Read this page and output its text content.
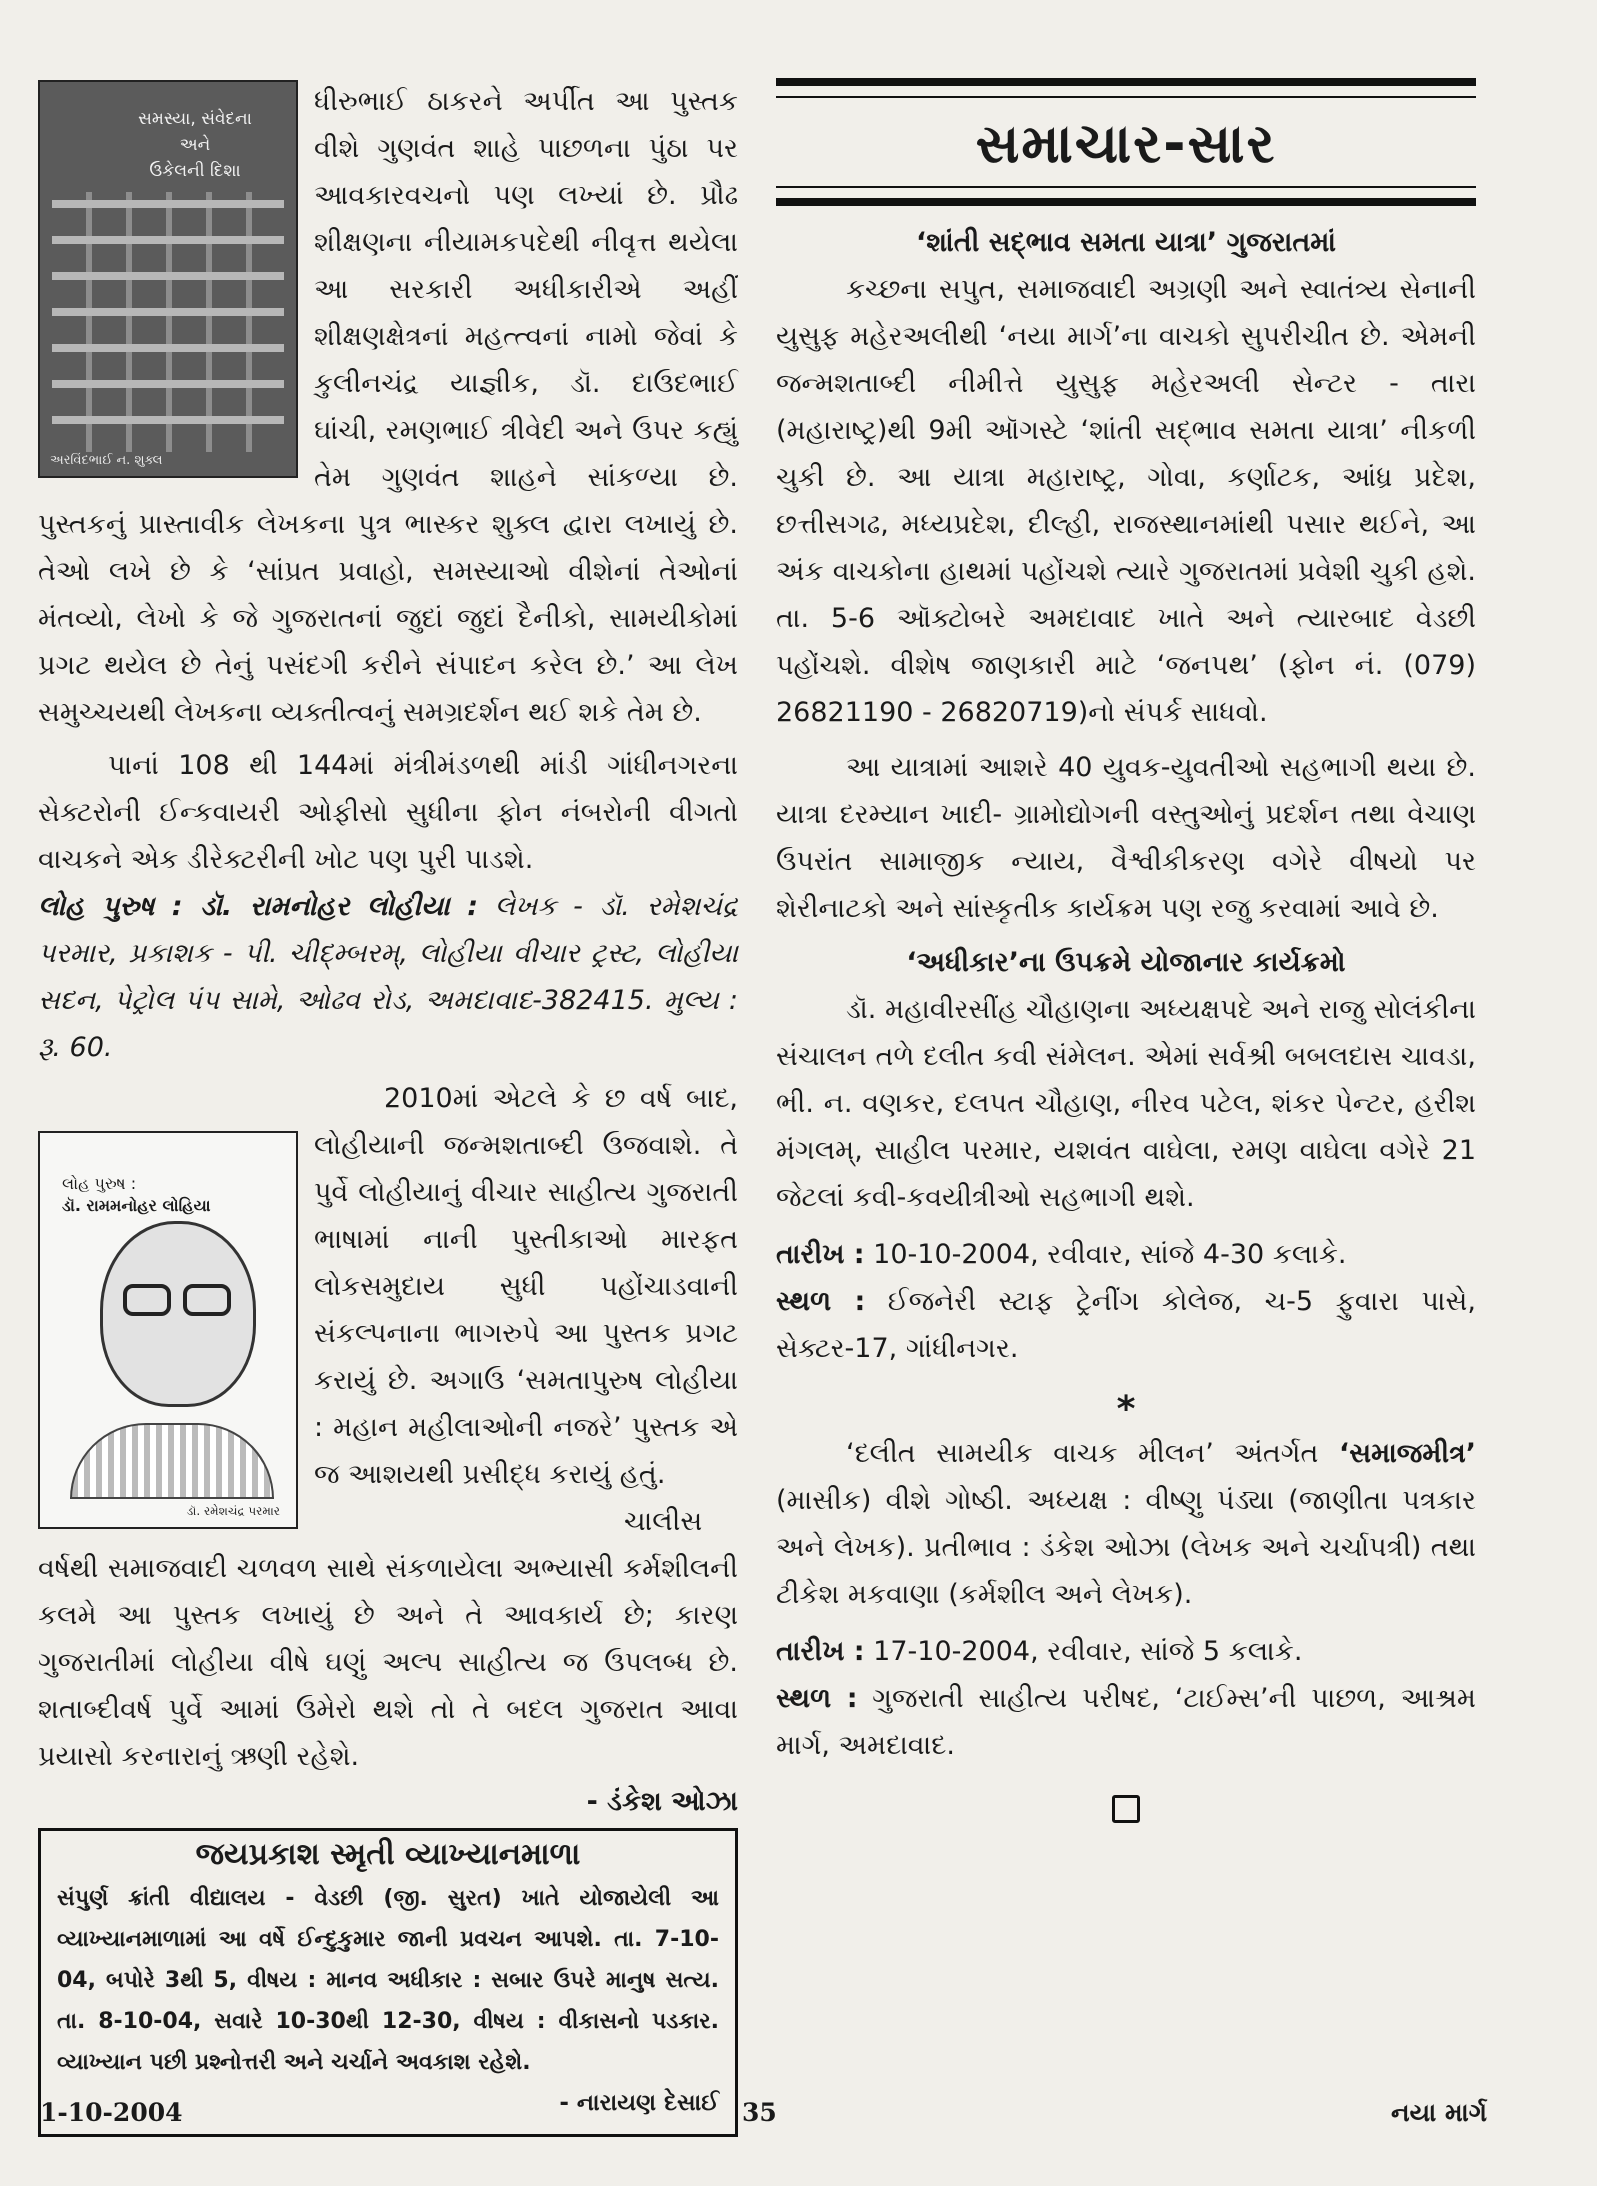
સમસ્યા, સંવેદના
અને
ઉકેલની દિશા
અરવિંદભાઈ ન. શુક્લ

ધીરુભાઈ ઠાકરને અર્પીત આ પુસ્તક વીશે ગુણવંત શાહે પાછળના પુંઠા પર આવકારવચનો પણ લખ્યાં છે. પ્રૌઢ શીક્ષણના નીયામકપદેથી નીવૃત્ત થયેલા આ સરકારી અધીકારીએ અહીં શીક્ષણક્ષેત્રનાં મહત્ત્વનાં નામો જેવાં કે કુલીનચંદ્ર યાજ્ઞીક, ડૉ. દાઉદભાઈ ઘાંચી, રમણભાઈ ત્રીવેદી અને ઉપર કહ્યું તેમ ગુણવંત શાહને સાંકળ્યા છે. પુસ્તકનું પ્રાસ્તાવીક લેખકના પુત્ર ભાસ્કર શુક્લ દ્વારા લખાયું છે. તેઓ લખે છે કે ‘સાંપ્રત પ્રવાહો, સમસ્યાઓ વીશેનાં તેઓનાં મંતવ્યો, લેખો કે જે ગુજરાતનાં જુદાં જુદાં દૈનીકો, સામયીકોમાં પ્રગટ થયેલ છે તેનું પસંદગી કરીને સંપાદન કરેલ છે.’ આ લેખ સમુચ્ચયથી લેખકના વ્યક્તીત્વનું સમગ્રદર્શન થઈ શકે તેમ છે.

પાનાં 108 થી 144માં મંત્રીમંડળથી માંડી ગાંધીનગરના સેક્ટરોની ઈન્કવાયરી ઓફીસો સુધીના ફોન નંબરોની વીગતો વાચકને એક ડીરેક્ટરીની ખોટ પણ પુરી પાડશે.

લોહ પુરુષ : ડૉ. રામનોહર લોહીયા : લેખક - ડૉ. રમેશચંદ્ર પરમાર, પ્રકાશક - પી. ચીદ્મ્બરમ્, લોહીયા વીચાર ટ્રસ્ટ, લોહીયા સદન, પેટ્રોલ પંપ સામે, ઓઢવ રોડ, અમદાવાદ-382415. મુલ્ય : રૂ. 60.

લોહ પુરુષ :
ડૉ. રામમનોહર લોહિયા
ડૉ. રમેશચંદ્ર પરમાર

2010માં એટલે કે છ વર્ષ બાદ, લોહીયાની જન્મશતાબ્દી ઉજવાશે. તે પુર્વે લોહીયાનું વીચાર સાહીત્ય ગુજરાતી ભાષામાં નાની પુસ્તીકાઓ મારફત લોકસમુદાય સુધી પહોંચાડવાની સંકલ્પનાના ભાગરુપે આ પુસ્તક પ્રગટ કરાયું છે. અગાઉ ‘સમતાપુરુષ લોહીયા : મહાન મહીલાઓની નજરે’ પુસ્તક એ જ આશયથી પ્રસીદ્ધ કરાયું હતું.

ચાલીસ વર્ષથી સમાજવાદી ચળવળ સાથે સંકળાયેલા અભ્યાસી કર્મશીલની કલમે આ પુસ્તક લખાયું છે અને તે આવકાર્ય છે; કારણ ગુજરાતીમાં લોહીયા વીષે ઘણું અલ્પ સાહીત્ય જ ઉપલબ્ધ છે. શતાબ્દીવર્ષ પુર્વે આમાં ઉમેરો થશે તો તે બદલ ગુજરાત આવા પ્રયાસો કરનારાનું ઋણી રહેશે.

- ડંકેશ ઓઝા

જયપ્રકાશ સ્મૃતી વ્યાખ્યાનમાળા

સંપુર્ણ ક્રાંતી વીદ્યાલય - વેડછી (જી. સુરત) ખાતે યોજાયેલી આ વ્યાખ્યાનમાળામાં આ વર્ષે ઈન્દુકુમાર જાની પ્રવચન આપશે. તા. 7-10-04, બપોરે 3થી 5, વીષય : માનવ અધીકાર : સબાર ઉપરે માનુષ સત્ય. તા. 8-10-04, સવારે 10-30થી 12-30, વીષય : વીકાસનો પડકાર. વ્યાખ્યાન પછી પ્રશ્નોત્તરી અને ચર્ચાને અવકાશ રહેશે.

- નારાયણ દેસાઈ

સમાચાર-સાર

‘શાંતી સદ્ભાવ સમતા યાત્રા’ ગુજરાતમાં

કચ્છના સપુત, સમાજવાદી અગ્રણી અને સ્વાતંત્ર્ય સેનાની યુસુફ મહેરઅલીથી ‘નયા માર્ગ’ના વાચકો સુપરીચીત છે. એમની જન્મશતાબ્દી નીમીત્તે યુસુફ મહેરઅલી સેન્ટર - તારા (મહારાષ્ટ્ર)થી 9મી ઑગસ્ટે ‘શાંતી સદ્ભાવ સમતા યાત્રા’ નીકળી ચુકી છે. આ યાત્રા મહારાષ્ટ્ર, ગોવા, કર્ણાટક, આંધ્ર પ્રદેશ, છત્તીસગઢ, મધ્યપ્રદેશ, દીલ્હી, રાજસ્થાનમાંથી પસાર થઈને, આ અંક વાચકોના હાથમાં પહોંચશે ત્યારે ગુજરાતમાં પ્રવેશી ચુકી હશે. તા. 5-6 ઑક્ટોબરે અમદાવાદ ખાતે અને ત્યારબાદ વેડછી પહોંચશે. વીશેષ જાણકારી માટે ‘જનપથ’ (ફોન નં. (079) 26821190 - 26820719)નો સંપર્ક સાધવો.

આ યાત્રામાં આશરે 40 યુવક-યુવતીઓ સહભાગી થયા છે. યાત્રા દરમ્યાન ખાદી- ગ્રામોદ્યોગની વસ્તુઓનું પ્રદર્શન તથા વેચાણ ઉપરાંત સામાજીક ન્યાય, વૈશ્વીકીકરણ વગેરે વીષયો પર શેરીનાટકો અને સાંસ્કૃતીક કાર્યક્રમ પણ રજુ કરવામાં આવે છે.

‘અધીકાર’ના ઉપક્રમે યોજાનાર કાર્યક્રમો

ડૉ. મહાવીરસીંહ ચૌહાણના અધ્યક્ષપદે અને રાજુ સોલંકીના સંચાલન તળે દલીત કવી સંમેલન. એમાં સર્વશ્રી બબલદાસ ચાવડા, ભી. ન. વણકર, દલપત ચૌહાણ, નીરવ પટેલ, શંકર પેન્ટર, હરીશ મંગલમ્, સાહીલ પરમાર, યશવંત વાઘેલા, રમણ વાઘેલા વગેરે 21 જેટલાં કવી-કવયીત્રીઓ સહભાગી થશે.

તારીખ : 10-10-2004, રવીવાર, સાંજે 4-30 કલાકે.

સ્થળ : ઈજનેરી સ્ટાફ ટ્રેનીંગ કોલેજ, ચ-5 ફુવારા પાસે, સેક્ટર-17, ગાંધીનગર.

*

‘દલીત સામયીક વાચક મીલન’ અંતર્ગત ‘સમાજમીત્ર’ (માસીક) વીશે ગોષ્ઠી. અધ્યક્ષ : વીષ્ણુ પંડ્યા (જાણીતા પત્રકાર અને લેખક). પ્રતીભાવ : ડંકેશ ઓઝા (લેખક અને ચર્ચાપત્રી) તથા ટીકેશ મકવાણા (કર્મશીલ અને લેખક).

તારીખ : 17-10-2004, રવીવાર, સાંજે 5 કલાકે.

સ્થળ : ગુજરાતી સાહીત્ય પરીષદ, ‘ટાઈમ્સ’ની પાછળ, આશ્રમ માર્ગ, અમદાવાદ.

1-10-2004	35	નયા માર્ગ
